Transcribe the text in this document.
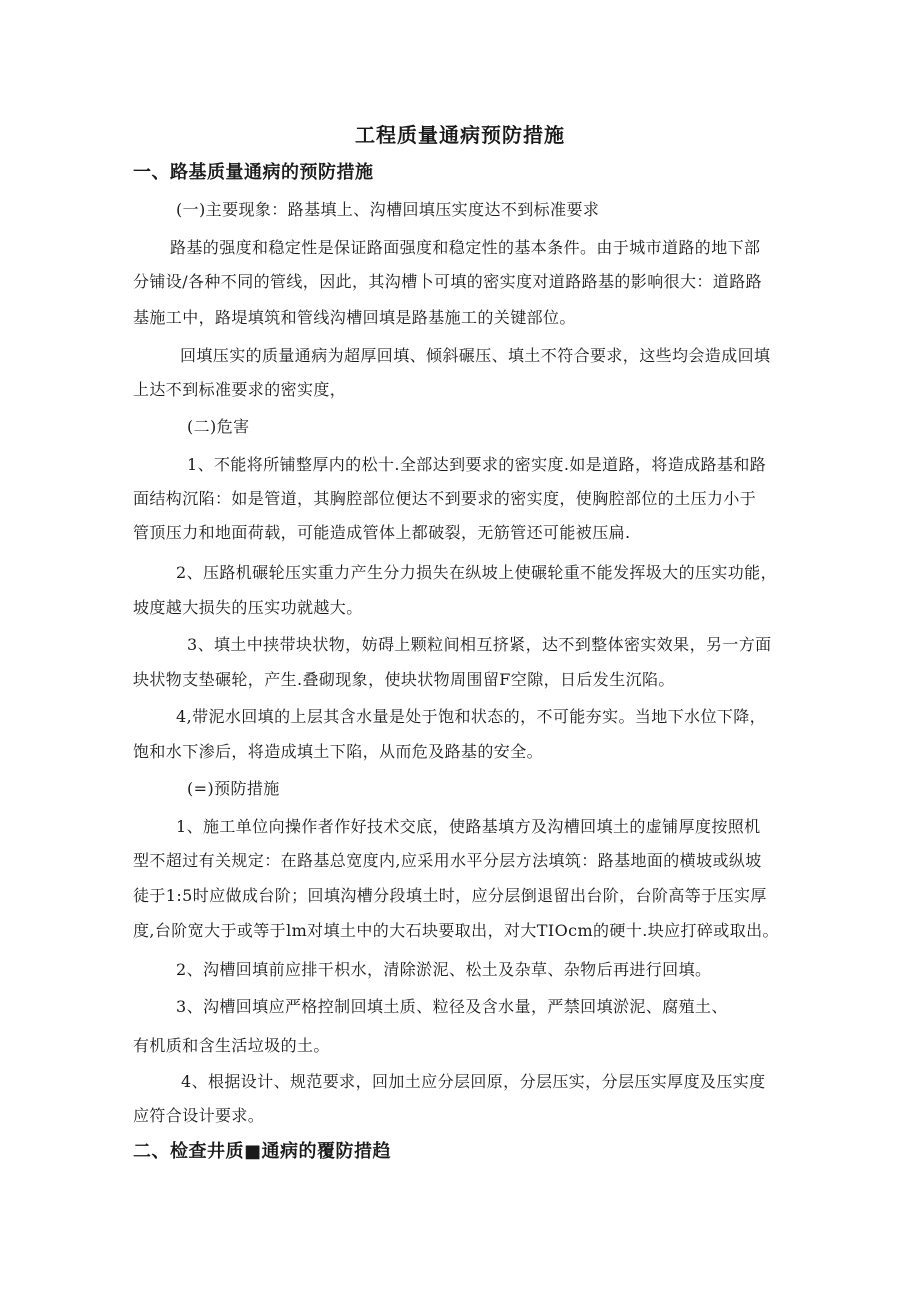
工程质量通病预防措施
一、路基质量通病的预防措施
(一)主要现象：路基填上、沟槽回填压实度达不到标准要求
路基的强度和稳定性是保证路面强度和稳定性的基本条件。由于城市道路的地下部
分铺设/各种不同的管线，因此，其沟槽卜可填的密实度对道路路基的影响很大：道路路
基施工中，路堤填筑和管线沟槽回填是路基施工的关键部位。
回填压实的质量通病为超厚回填、倾斜碾压、填土不符合要求，这些均会造成回填
上达不到标准要求的密实度，
(二)危害
1、不能将所铺整厚内的松十.全部达到要求的密实度.如是道路，将造成路基和路
面结构沉陷：如是管道，其胸腔部位便达不到要求的密实度，使胸腔部位的土压力小于
管顶压力和地面荷载，可能造成管体上都破裂，无筋管还可能被压扁.
2、压路机碾轮压实重力产生分力损失在纵坡上使碾轮重不能发挥圾大的压实功能，
坡度越大损失的压实功就越大。
3、填土中挟带块状物，妨碍上颗粒间相互挤紧，达不到整体密实效果，另一方面
块状物支垫碾轮，产生.叠砌现象，使块状物周围留F空隙，日后发生沉陷。
4,带泥水回填的上层其含水量是处于饱和状态的，不可能夯实。当地下水位下降，
饱和水下渗后，将造成填土下陷，从而危及路基的安全。
(=)预防措施
1、施工单位向操作者作好技术交底，使路基填方及沟槽回填土的虚铺厚度按照机
型不超过有关规定：在路基总宽度内,应采用水平分层方法填筑：路基地面的横坡或纵坡
徒于1:5时应做成台阶；回填沟槽分段填土时，应分层倒退留出台阶，台阶高等于压实厚
度,台阶宽大于或等于lm对填土中的大石块要取出，对大TIOcm的硬十.块应打碎或取出。
2、沟槽回填前应排干枳水，清除淤泥、松土及杂草、杂物后再进行回填。
3、沟槽回填应严格控制回填土质、粒径及含水量，严禁回填淤泥、腐殖土、
有机质和含生活垃圾的土。
4、根据设计、规范要求，回加土应分层回原，分层压实，分层压实厚度及压实度
应符合设计要求。
二、检查井质■通病的覆防措趋
